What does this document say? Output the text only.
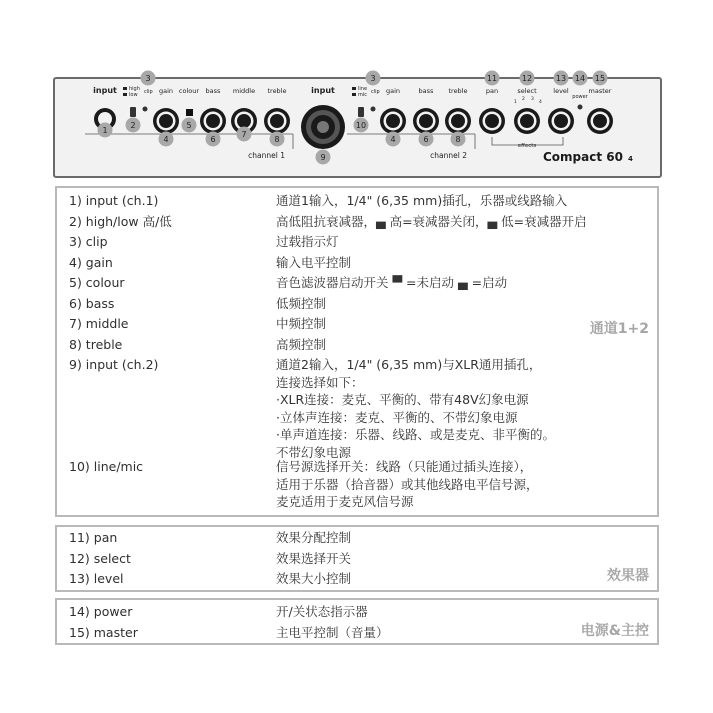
input high
low clip gain colour bass middle treble
channel 1
input	line
mic clip gain	bass treble
channel 2
pan	select
1
2 3
4
level
power
master
effects
Compact 60 4
1
2
3
4
5
6
7
8
3
10
4	6	8
9
11	12	13 14 15
1) input (ch.1)	通道1输入，1/4" (6,35 mm)插孔，乐器或线路输入
2) high/low 高/低	高低阻抗衰减器，▄ 高=衰减器关闭，▄ 低=衰减器开启
3) clip	过载指示灯
4) gain	输入电平控制
5) colour	音色滤波器启动开关 ▀ =未启动 ▄ =启动
6) bass	低频控制
7) middle	中频控制
8) treble	高频控制
9) input (ch.2)	通道2输入，1/4" (6,35 mm)与XLR通用插孔，
连接选择如下：
·XLR连接：麦克、平衡的、带有48V幻象电源
·立体声连接：麦克、平衡的、不带幻象电源
·单声道连接：乐器、线路、或是麦克、非平衡的。
不带幻象电源
10) line/mic	信号源选择开关：线路（只能通过插头连接），
适用于乐器（拾音器）或其他线路电平信号源，
麦克适用于麦克风信号源
通道1+2
11) pan	效果分配控制
12) select	效果选择开关
13) level	效果大小控制	效果器
14) power	开/关状态指示器
15) master	主电平控制（音量）	电源&主控
